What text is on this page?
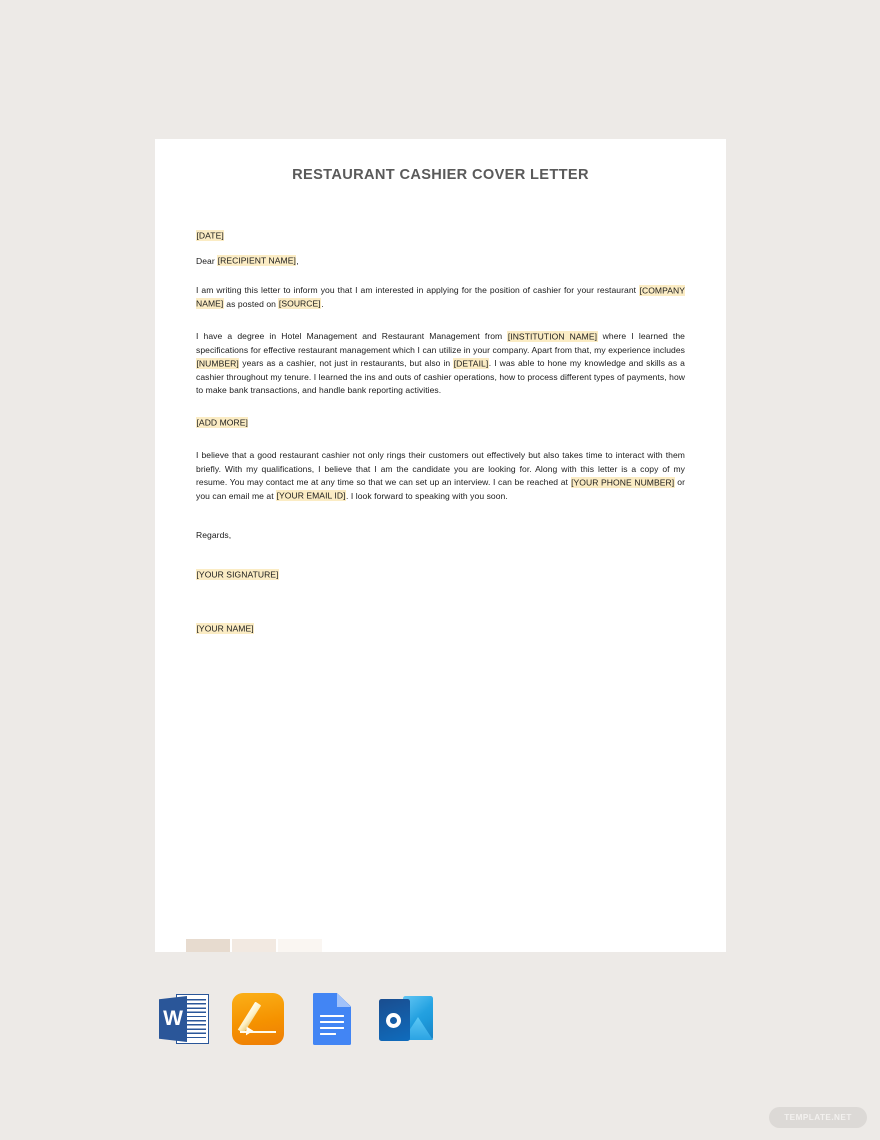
RESTAURANT CASHIER COVER LETTER

[DATE]

Dear [RECIPIENT NAME],

I am writing this letter to inform you that I am interested in applying for the position of cashier for your restaurant [COMPANY NAME] as posted on [SOURCE].

I have a degree in Hotel Management and Restaurant Management from [INSTITUTION NAME] where I learned the specifications for effective restaurant management which I can utilize in your company. Apart from that, my experience includes [NUMBER] years as a cashier, not just in restaurants, but also in [DETAIL]. I was able to hone my knowledge and skills as a cashier throughout my tenure. I learned the ins and outs of cashier operations, how to process different types of payments, how to make bank transactions, and handle bank reporting activities.

[ADD MORE]

I believe that a good restaurant cashier not only rings their customers out effectively but also takes time to interact with them briefly. With my qualifications, I believe that I am the candidate you are looking for. Along with this letter is a copy of my resume. You may contact me at any time so that we can set up an interview. I can be reached at [YOUR PHONE NUMBER] or you can email me at [YOUR EMAIL ID]. I look forward to speaking with you soon.

Regards,

[YOUR SIGNATURE]

[YOUR NAME]

W
TEMPLATE.NET
